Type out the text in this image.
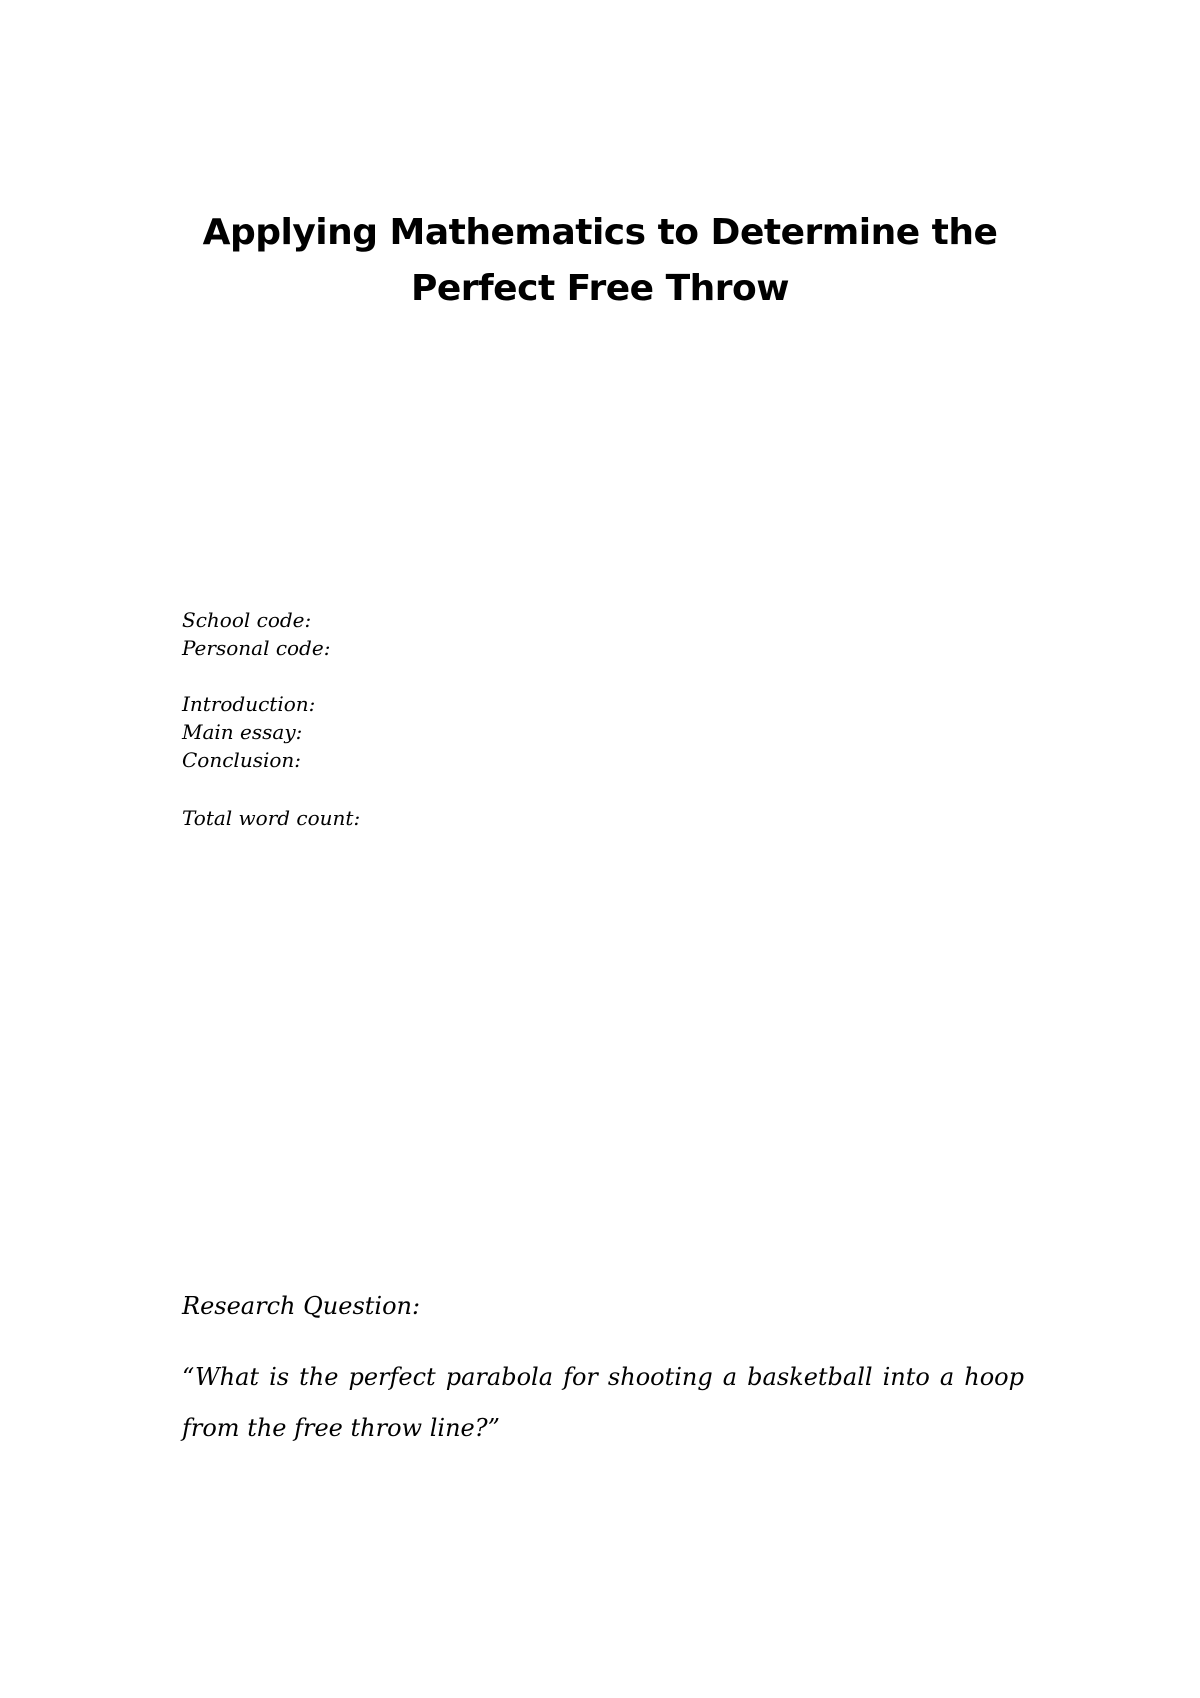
Applying Mathematics to Determine the
Perfect Free Throw
School code:
Personal code:
Introduction:
Main essay:
Conclusion:
Total word count:
Research Question:
“What is the perfect parabola for shooting a basketball into a hoop
from the free throw line?”
